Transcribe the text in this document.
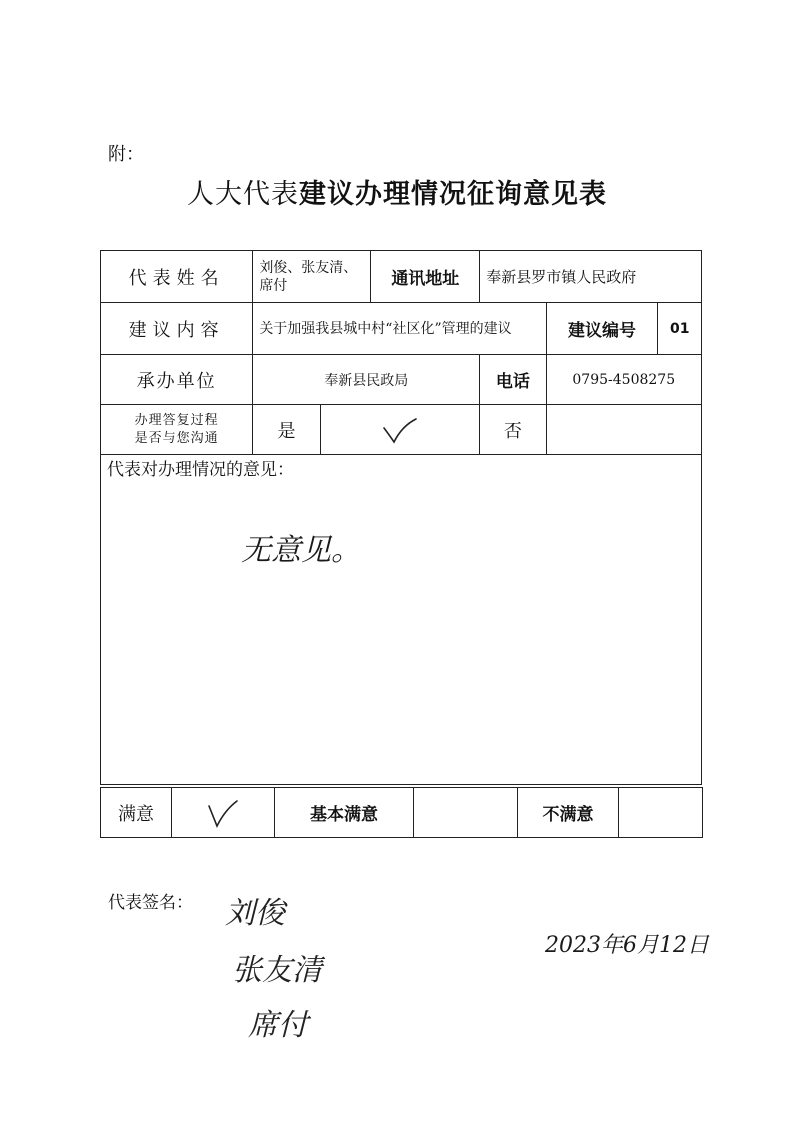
附：
人大代表建议办理情况征询意见表
代表姓名	刘俊、张友清、席付		通讯地址	奉新县罗市镇人民政府		
建议内容	关于加强我县城中村“社区化”管理的建议				建议编号	01
承办单位	奉新县民政局			电话	0795-4508275	

办理答复过程
是否与您沟通	是			否		

代表对办理情况的意见：
无意见。						
满意		基本满意		不满意	
代表签名： 刘俊
张友清
席付
2023年6月12日
